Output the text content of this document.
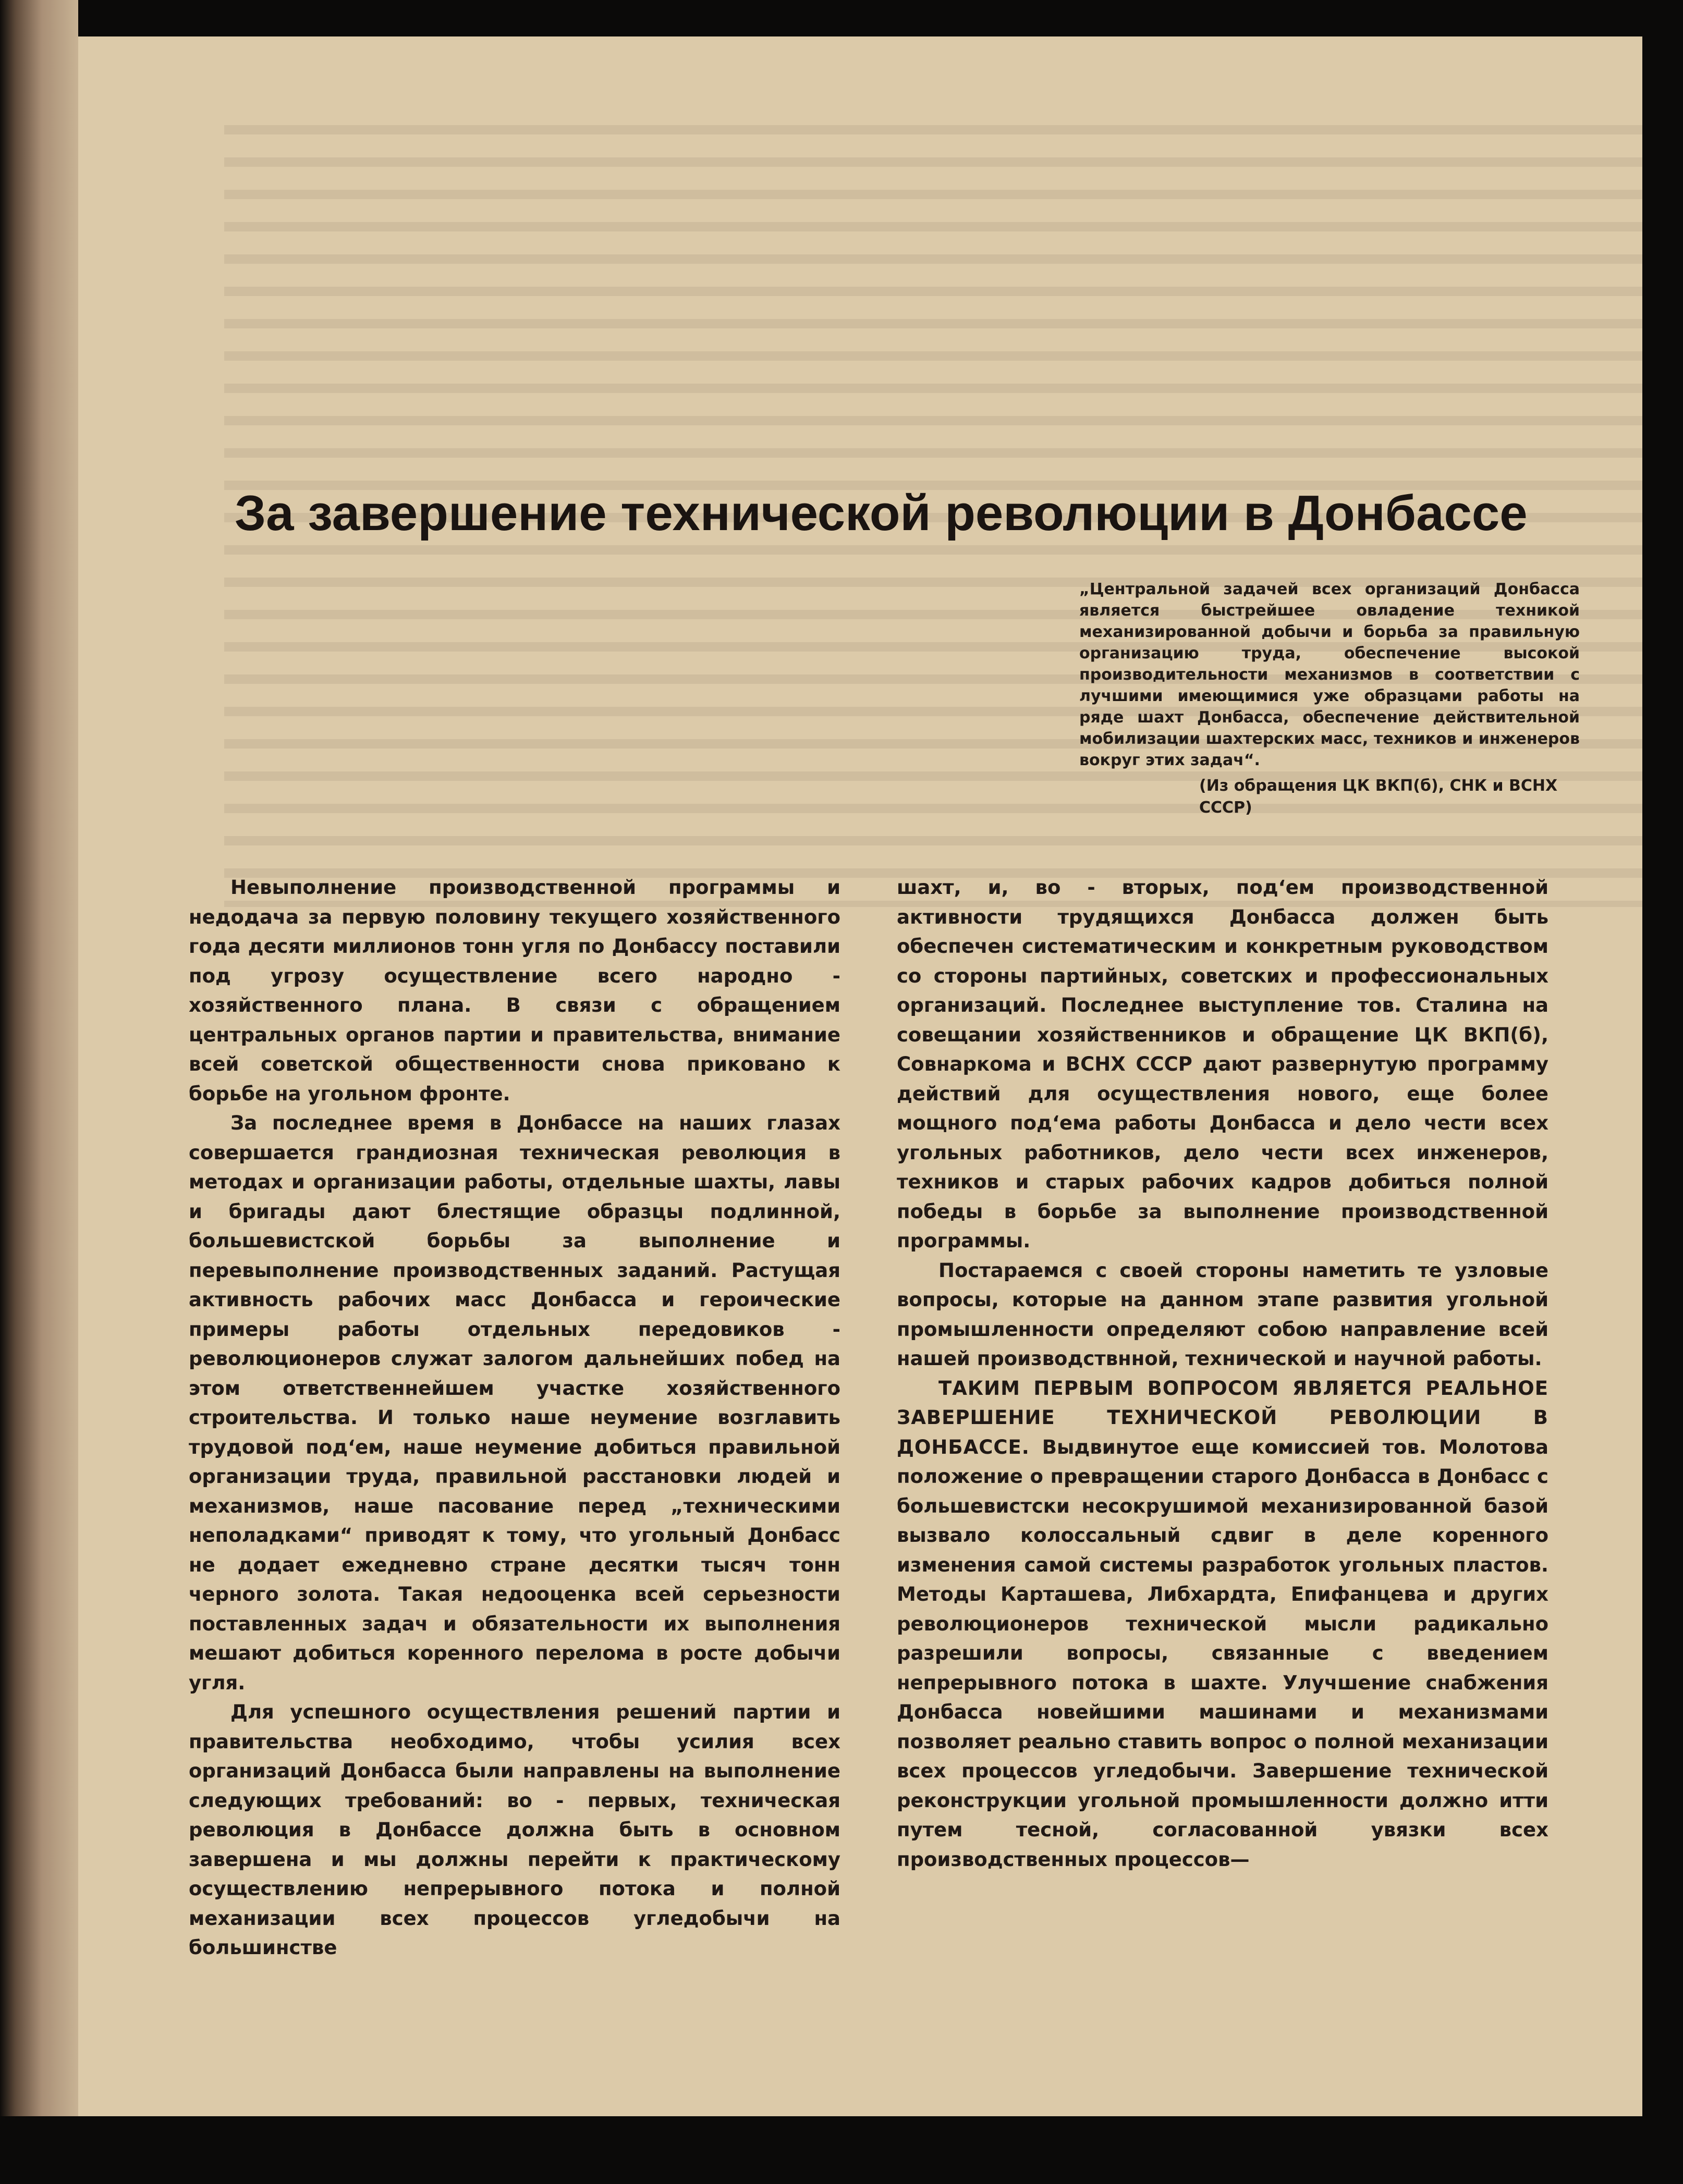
За завершение технической революции в Донбассе

„Центральной задачей всех организаций Донбасса является быстрейшее овладение техникой механизированной добычи и борьба за правильную организацию труда, обеспечение высокой производительности механизмов в соответствии с лучшими имеющимися уже образцами работы на ряде шахт Донбасса, обеспечение действительной мобилизации шахтерских масс, техников и инженеров вокруг этих задач“.

(Из обращения ЦК ВКП(б), СНК и ВСНХ СССР)

Невыполнение производственной программы и недодача за первую половину текущего хозяйственного года десяти миллионов тонн угля по Донбассу поставили под угрозу осуществление всего народно - хозяйственного плана. В связи с обращением центральных органов партии и правительства, внимание всей советской общественности снова приковано к борьбе на угольном фронте.

За последнее время в Донбассе на наших глазах совершается грандиозная техническая революция в методах и организации работы, отдельные шахты, лавы и бригады дают блестящие образцы подлинной, большевистской борьбы за выполнение и перевыполнение производственных заданий. Растущая активность рабочих масс Донбасса и героические примеры работы отдельных передовиков - революционеров служат залогом дальнейших побед на этом ответственнейшем участке хозяйственного строительства. И только наше неумение возглавить трудовой под‘ем, наше неумение добиться правильной организации труда, правильной расстановки людей и механизмов, наше пасование перед „техническими неполадками“ приводят к тому, что угольный Донбасс не додает ежедневно стране десятки тысяч тонн черного золота. Такая недооценка всей серьезности поставленных задач и обязательности их выполнения мешают добиться коренного перелома в росте добычи угля.

Для успешного осуществления решений партии и правительства необходимо, чтобы усилия всех организаций Донбасса были направлены на выполнение следующих требований: во - первых, техническая революция в Донбассе должна быть в основном завершена и мы должны перейти к практическому осуществлению непрерывного потока и полной механизации всех процессов угледобычи на большинстве

шахт, и, во - вторых, под‘ем производственной активности трудящихся Донбасса должен быть обеспечен систематическим и конкретным руководством со стороны партийных, советских и профессиональных организаций. Последнее выступление тов. Сталина на совещании хозяйственников и обращение ЦК ВКП(б), Совнаркома и ВСНХ СССР дают развернутую программу действий для осуществления нового, еще более мощного под‘ема работы Донбасса и дело чести всех угольных работников, дело чести всех инженеров, техников и старых рабочих кадров добиться полной победы в борьбе за выполнение производственной программы.

Постараемся с своей стороны наметить те узловые вопросы, которые на данном этапе развития угольной промышленности определяют собою направление всей нашей производствнной, технической и научной работы.

ТАКИМ ПЕРВЫМ ВОПРОСОМ ЯВЛЯЕТСЯ РЕАЛЬНОЕ ЗАВЕРШЕНИЕ ТЕХНИЧЕСКОЙ РЕВОЛЮЦИИ В ДОНБАССЕ. Выдвинутое еще комиссией тов. Молотова положение о превращении старого Донбасса в Донбасс с большевистски несокрушимой механизированной базой вызвало колоссальный сдвиг в деле коренного изменения самой системы разработок угольных пластов. Методы Карташева, Либхардта, Епифанцева и других революционеров технической мысли радикально разрешили вопросы, связанные с введением непрерывного потока в шахте. Улучшение снабжения Донбасса новейшими машинами и механизмами позволяет реально ставить вопрос о полной механизации всех процессов угледобычи. Завершение технической реконструкции угольной промышленности должно итти путем тесной, согласованной увязки всех производственных процессов—
